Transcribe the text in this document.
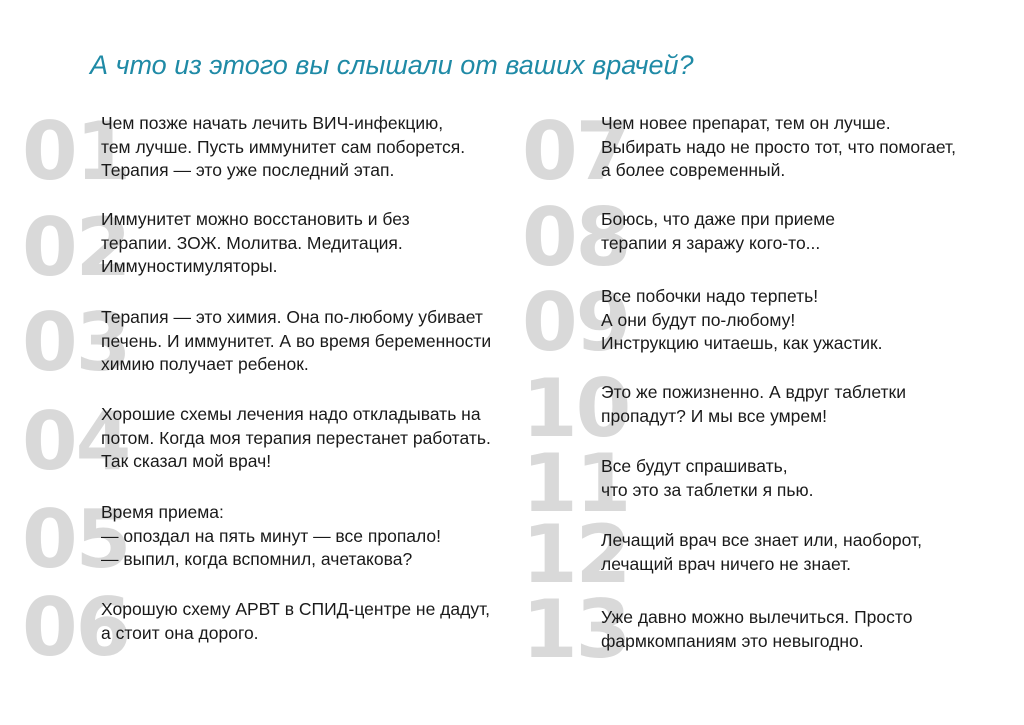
А что из этого вы слышали от ваших врачей?
01
Чем позже начать лечить ВИЧ-инфекцию,
тем лучше. Пусть иммунитет сам поборется.
Терапия — это уже последний этап.
02
Иммунитет можно восстановить и без
терапии. ЗОЖ. Молитва. Медитация.
Иммуностимуляторы.
03
Терапия — это химия. Она по-любому убивает
печень. И иммунитет. А во время беременности
химию получает ребенок.
04
Хорошие схемы лечения надо откладывать на
потом. Когда моя терапия перестанет работать.
Так сказал мой врач!
05
Время приема:
— опоздал на пять минут — все пропало!
— выпил, когда вспомнил, ачетакова?
06
Хорошую схему АРВТ в СПИД-центре не дадут,
а стоит она дорого.
07
Чем новее препарат, тем он лучше.
Выбирать надо не просто тот, что помогает,
а более современный.
08
Боюсь, что даже при приеме
терапии я заражу кого-то...
09
Все побочки надо терпеть!
А они будут по-любому!
Инструкцию читаешь, как ужастик.
10
Это же пожизненно. А вдруг таблетки
пропадут? И мы все умрем!
11
Все будут спрашивать,
что это за таблетки я пью.
12
Лечащий врач все знает или, наоборот,
лечащий врач ничего не знает.
13
Уже давно можно вылечиться. Просто
фармкомпаниям это невыгодно.
